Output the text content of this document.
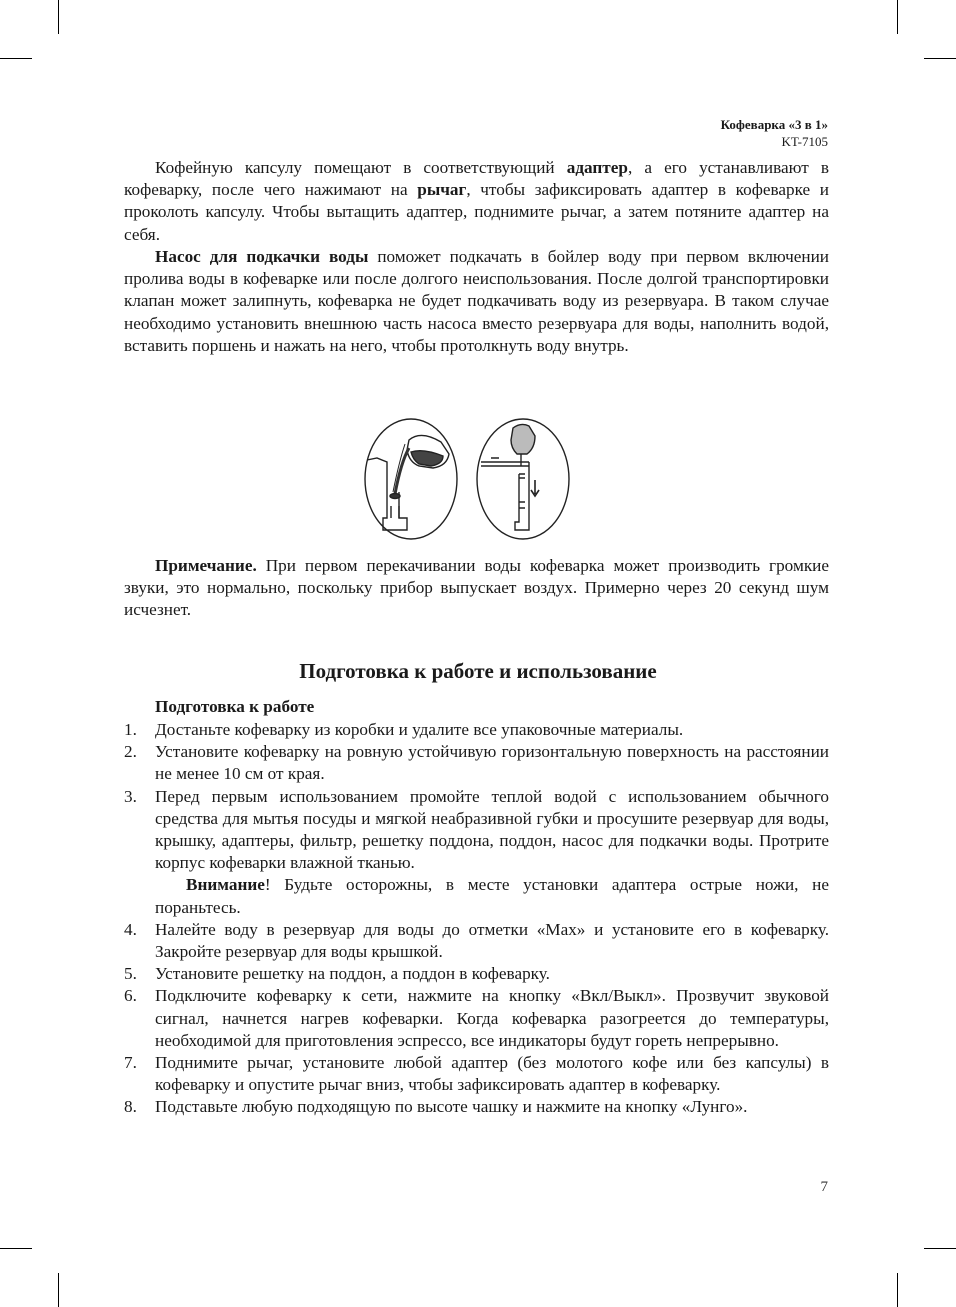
Кофеварка «3 в 1»
KT-7105

Кофейную капсулу помещают в соответствующий адаптер, а его устанавливают в кофеварку, после чего нажимают на рычаг, чтобы зафиксировать адаптер в кофеварке и проколоть капсулу. Чтобы вытащить адаптер, поднимите рычаг, а затем потяните адаптер на себя.

Насос для подкачки воды поможет подкачать в бойлер воду при первом включении пролива воды в кофеварке или после долгого неиспользования. После долгой транспортировки клапан может залипнуть, кофеварка не будет подкачивать воду из резервуара. В таком случае необходимо установить внешнюю часть насоса вместо резервуара для воды, наполнить водой, вставить поршень и нажать на него, чтобы протолкнуть воду внутрь.

Примечание. При первом перекачивании воды кофеварка может производить громкие звуки, это нормально, поскольку прибор выпускает воздух. Примерно через 20 секунд шум исчезнет.

Подготовка к работе и использование
Подготовка к работе
1.	Достаньте кофеварку из коробки и удалите все упаковочные материалы.
2.	Установите кофеварку на ровную устойчивую горизонтальную поверхность на расстоянии не менее 10 см от края.
3.	Перед первым использованием промойте теплой водой с использованием обычного средства для мытья посуды и мягкой неабразивной губки и просушите резервуар для воды, крышку, адаптеры, фильтр, решетку поддона, поддон, насос для подкачки воды. Протрите корпус кофеварки влажной тканью.
Внимание! Будьте осторожны, в месте установки адаптера острые ножи, не пораньтесь.
4.	Налейте воду в резервуар для воды до отметки «Max» и установите его в кофеварку. Закройте резервуар для воды крышкой.
5.	Установите решетку на поддон, а поддон в кофеварку.
6.	Подключите кофеварку к сети, нажмите на кнопку «Вкл/Выкл». Прозвучит звуковой сигнал, начнется нагрев кофеварки. Когда кофеварка разогреется до температуры, необходимой для приготовления эспрессо, все индикаторы будут гореть непрерывно.
7.	Поднимите рычаг, установите любой адаптер (без молотого кофе или без капсулы) в кофеварку и опустите рычаг вниз, чтобы зафиксировать адаптер в кофеварку.
8.	Подставьте любую подходящую по высоте чашку и нажмите на кнопку «Лунго».
7
